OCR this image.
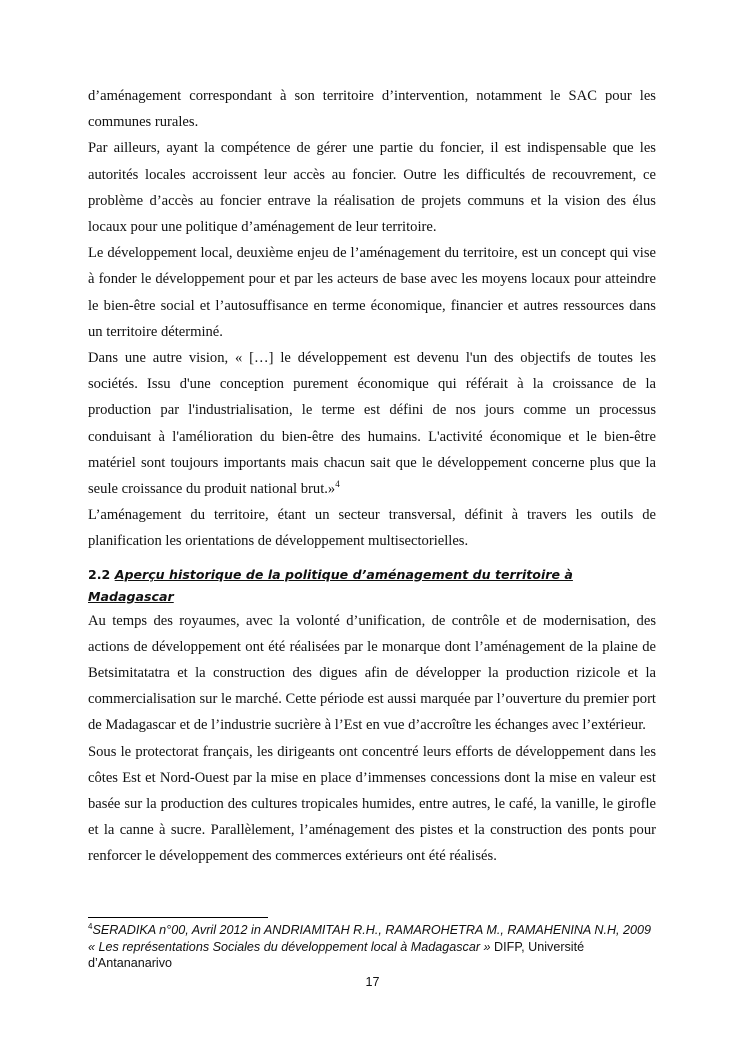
d’aménagement correspondant à son territoire d’intervention, notamment le SAC pour les communes rurales.

Par ailleurs, ayant la compétence de gérer une partie du foncier, il est indispensable que les autorités locales accroissent leur accès au foncier. Outre les difficultés de recouvrement, ce problème d’accès au foncier entrave la réalisation de projets communs et la vision des élus locaux pour une politique d’aménagement de leur territoire.

Le développement local, deuxième enjeu de l’aménagement du territoire, est un concept qui vise à fonder le développement pour et par les acteurs de base avec les moyens locaux pour atteindre le bien-être social et l’autosuffisance en terme économique, financier et autres ressources dans un territoire déterminé.

Dans une autre vision, « […] le développement est devenu l'un des objectifs de toutes les sociétés. Issu d'une conception purement économique qui référait à la croissance de la production par l'industrialisation, le terme est défini de nos jours comme un processus conduisant à l'amélioration du bien-être des humains. L'activité économique et le bien-être matériel sont toujours importants mais chacun sait que le développement concerne plus que la seule croissance du produit national brut.»$^4$

L’aménagement du territoire, étant un secteur transversal, définit à travers les outils de planification les orientations de développement multisectorielles.

2.2 Aperçu historique de la politique d’aménagement du territoire à Madagascar

Au temps des royaumes, avec la volonté d’unification, de contrôle et de modernisation, des actions de développement ont été réalisées par le monarque dont l’aménagement de la plaine de Betsimitatatra et la construction des digues afin de développer la production rizicole et la commercialisation sur le marché. Cette période est aussi marquée par l’ouverture du premier port de Madagascar et de l’industrie sucrière à l’Est en vue d’accroître les échanges avec l’extérieur.

Sous le protectorat français, les dirigeants ont concentré leurs efforts de développement dans les côtes Est et Nord-Ouest par la mise en place d’immenses concessions dont la mise en valeur est basée sur la production des cultures tropicales humides, entre autres, le café, la vanille, le girofle et la canne à sucre. Parallèlement, l’aménagement des pistes et la construction des ponts pour renforcer le développement des commerces extérieurs ont été réalisés.

$^4$SERADIKA n°00, Avril 2012 in ANDRIAMITAH R.H., RAMAROHETRA M., RAMAHENINA N.H, 2009 « Les représentations Sociales du développement local à Madagascar » DIFP, Université d’Antananarivo
17
